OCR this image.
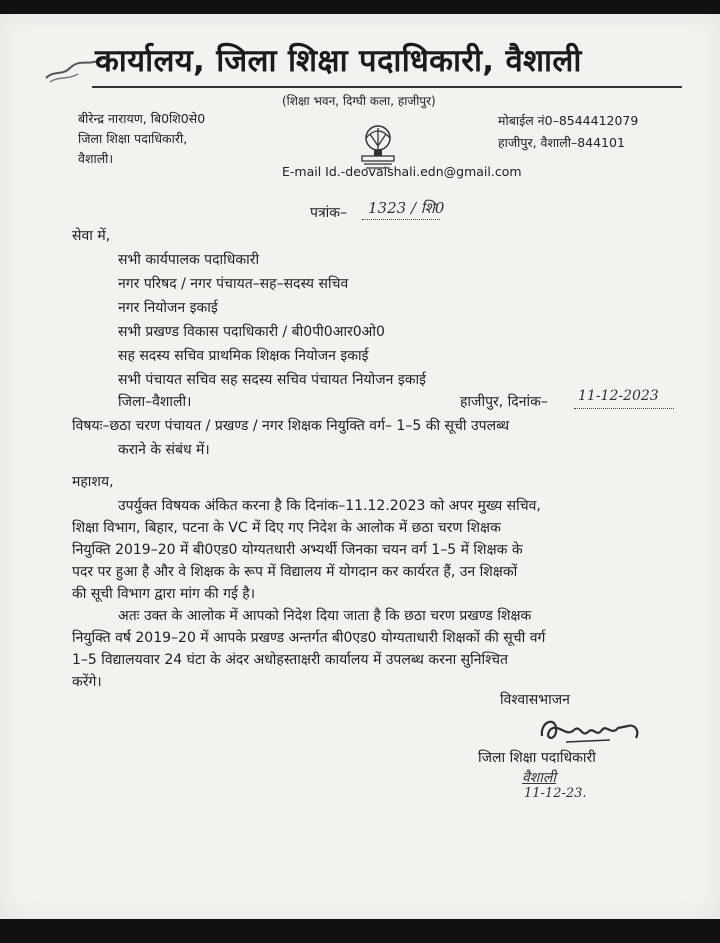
कार्यालय, जिला शिक्षा पदाधिकारी, वैशाली
(शिक्षा भवन, दिग्घी कला, हाजीपुर)
बीरेन्द्र नारायण, बि0शि0से0
जिला शिक्षा पदाधिकारी,
वैशाली।
मोबाईल नं0–8544412079
हाजीपुर, वैशाली–844101
E-mail Id.-deovaishali.edn@gmail.com
पत्रांक– 1323 / शि0
सेवा में,
सभी कार्यपालक पदाधिकारी
नगर परिषद / नगर पंचायत–सह–सदस्य सचिव
नगर नियोजन इकाई
सभी प्रखण्ड विकास पदाधिकारी / बी0पी0आर0ओ0
सह सदस्य सचिव प्राथमिक शिक्षक नियोजन इकाई
सभी पंचायत सचिव सह सदस्य सचिव पंचायत नियोजन इकाई
जिला–वैशाली।	हाजीपुर, दिनांक– 11-12-2023
विषयः–छठा चरण पंचायत / प्रखण्ड / नगर शिक्षक नियुक्ति वर्ग– 1–5 की सूची उपलब्ध
कराने के संबंध में।
महाशय,
उपर्युक्त विषयक अंकित करना है कि दिनांक–11.12.2023 को अपर मुख्य सचिव,
शिक्षा विभाग, बिहार, पटना के VC में दिए गए निदेश के आलोक में छठा चरण शिक्षक
नियुक्ति 2019–20 में बी0एड0 योग्यतधारी अभ्यर्थी जिनका चयन वर्ग 1–5 में शिक्षक के
पदर पर हुआ है और वे शिक्षक के रूप में विद्यालय में योगदान कर कार्यरत हैं, उन शिक्षकों
की सूची विभाग द्वारा मांग की गई है।
अतः उक्त के आलोक में आपको निदेश दिया जाता है कि छठा चरण प्रखण्ड शिक्षक
नियुक्ति वर्ष 2019–20 में आपके प्रखण्ड अन्तर्गत बी0एड0 योग्यताधारी शिक्षकों की सूची वर्ग
1–5 विद्यालयवार 24 घंटा के अंदर अधोहस्ताक्षरी कार्यालय में उपलब्ध करना सुनिश्चित
करेंगे।
विश्वासभाजन
जिला शिक्षा पदाधिकारी
वैशाली
11-12-23.
